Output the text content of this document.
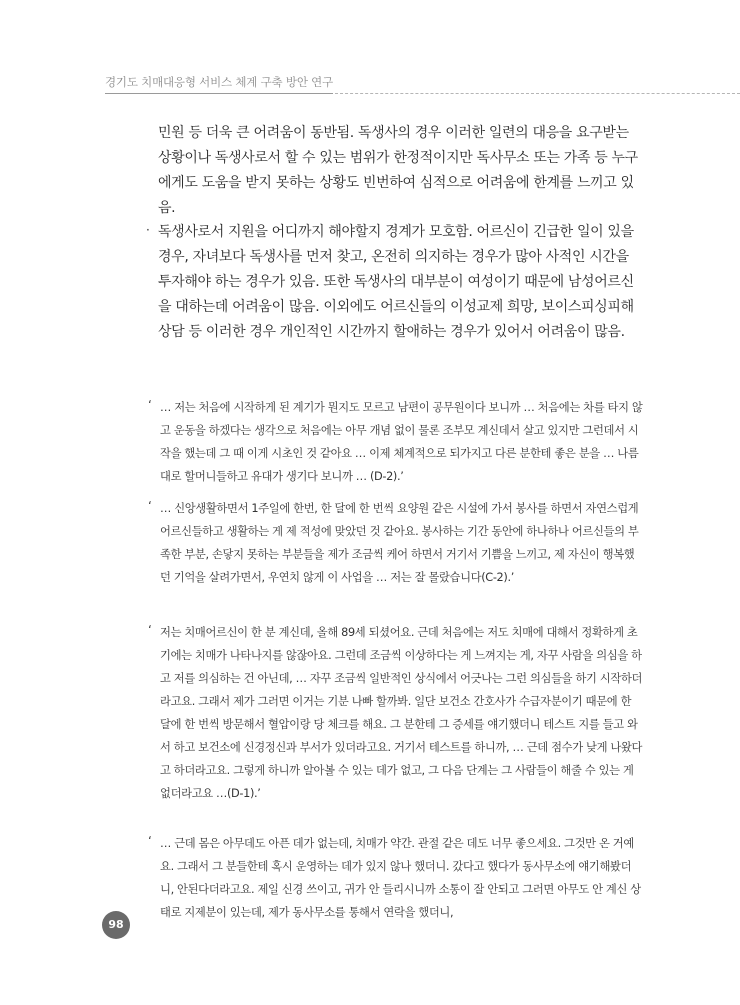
경기도 치매대응형 서비스 체계 구축 방안 연구
민원 등 더욱 큰 어려움이 동반됨. 독생사의 경우 이러한 일련의 대응을 요구받는 상황이나 독생사로서 할 수 있는 범위가 한정적이지만 독사무소 또는 가족 등 누구에게도 도움을 받지 못하는 상황도 빈번하여 심적으로 어려움에 한계를 느끼고 있음.
· 독생사로서 지원을 어디까지 해야할지 경계가 모호함. 어르신이 긴급한 일이 있을 경우, 자녀보다 독생사를 먼저 찾고, 온전히 의지하는 경우가 많아 사적인 시간을 투자해야 하는 경우가 있음. 또한 독생사의 대부분이 여성이기 때문에 남성어르신을 대하는데 어려움이 많음. 이외에도 어르신들의 이성교제 희망, 보이스피싱피해 상담 등 이러한 경우 개인적인 시간까지 할애하는 경우가 있어서 어려움이 많음.
‘ … 저는 처음에 시작하게 된 계기가 뭔지도 모르고 남편이 공무원이다 보니까 … 처음에는 차를 타지 않고 운동을 하겠다는 생각으로 처음에는 아무 개념 없이 물론 조부모 계신데서 살고 있지만 그런데서 시작을 했는데 그 때 이게 시초인 것 같아요 … 이제 체계적으로 되가지고 다른 분한테 좋은 분을 … 나름대로 할머니들하고 유대가 생기다 보니까 … (D-2).’
‘ … 신앙생활하면서 1주일에 한번, 한 달에 한 번씩 요양원 같은 시설에 가서 봉사를 하면서 자연스럽게 어르신들하고 생활하는 게 제 적성에 맞았던 것 같아요. 봉사하는 기간 동안에 하나하나 어르신들의 부족한 부분, 손닿지 못하는 부분들을 제가 조금씩 케어 하면서 거기서 기쁨을 느끼고, 제 자신이 행복했던 기억을 살려가면서, 우연치 않게 이 사업을 … 저는 잘 몰랐습니다(C-2).’
‘ 저는 치매어르신이 한 분 계신데, 올해 89세 되셨어요. 근데 처음에는 저도 치매에 대해서 정확하게 초기에는 치매가 나타나지를 않잖아요. 그런데 조금씩 이상하다는 게 느껴지는 게, 자꾸 사람을 의심을 하고 저를 의심하는 건 아닌데, … 자꾸 조금씩 일반적인 상식에서 어긋나는 그런 의심들을 하기 시작하더라고요. 그래서 제가 그러면 이거는 기분 나빠 할까봐. 일단 보건소 간호사가 수급자분이기 때문에 한 달에 한 번씩 방문해서 혈압이랑 당 체크를 해요. 그 분한테 그 증세를 얘기했더니 테스트 지를 들고 와서 하고 보건소에 신경정신과 부서가 있더라고요. 거기서 테스트를 하니까, … 근데 점수가 낮게 나왔다고 하더라고요. 그렇게 하니까 알아볼 수 있는 데가 없고, 그 다음 단계는 그 사람들이 해줄 수 있는 게 없더라고요 …(D-1).’
‘ … 근데 몸은 아무데도 아픈 데가 없는데, 치매가 약간. 관절 같은 데도 너무 좋으세요. 그것만 온 거예요. 그래서 그 분들한테 혹시 운영하는 데가 있지 않나 했더니. 갔다고 했다가 동사무소에 얘기해봤더니, 안된다더라고요. 제일 신경 쓰이고, 귀가 안 들리시니까 소통이 잘 안되고 그러면 아무도 안 계신 상태로 지제분이 있는데, 제가 동사무소를 통해서 연락을 했더니,
98
